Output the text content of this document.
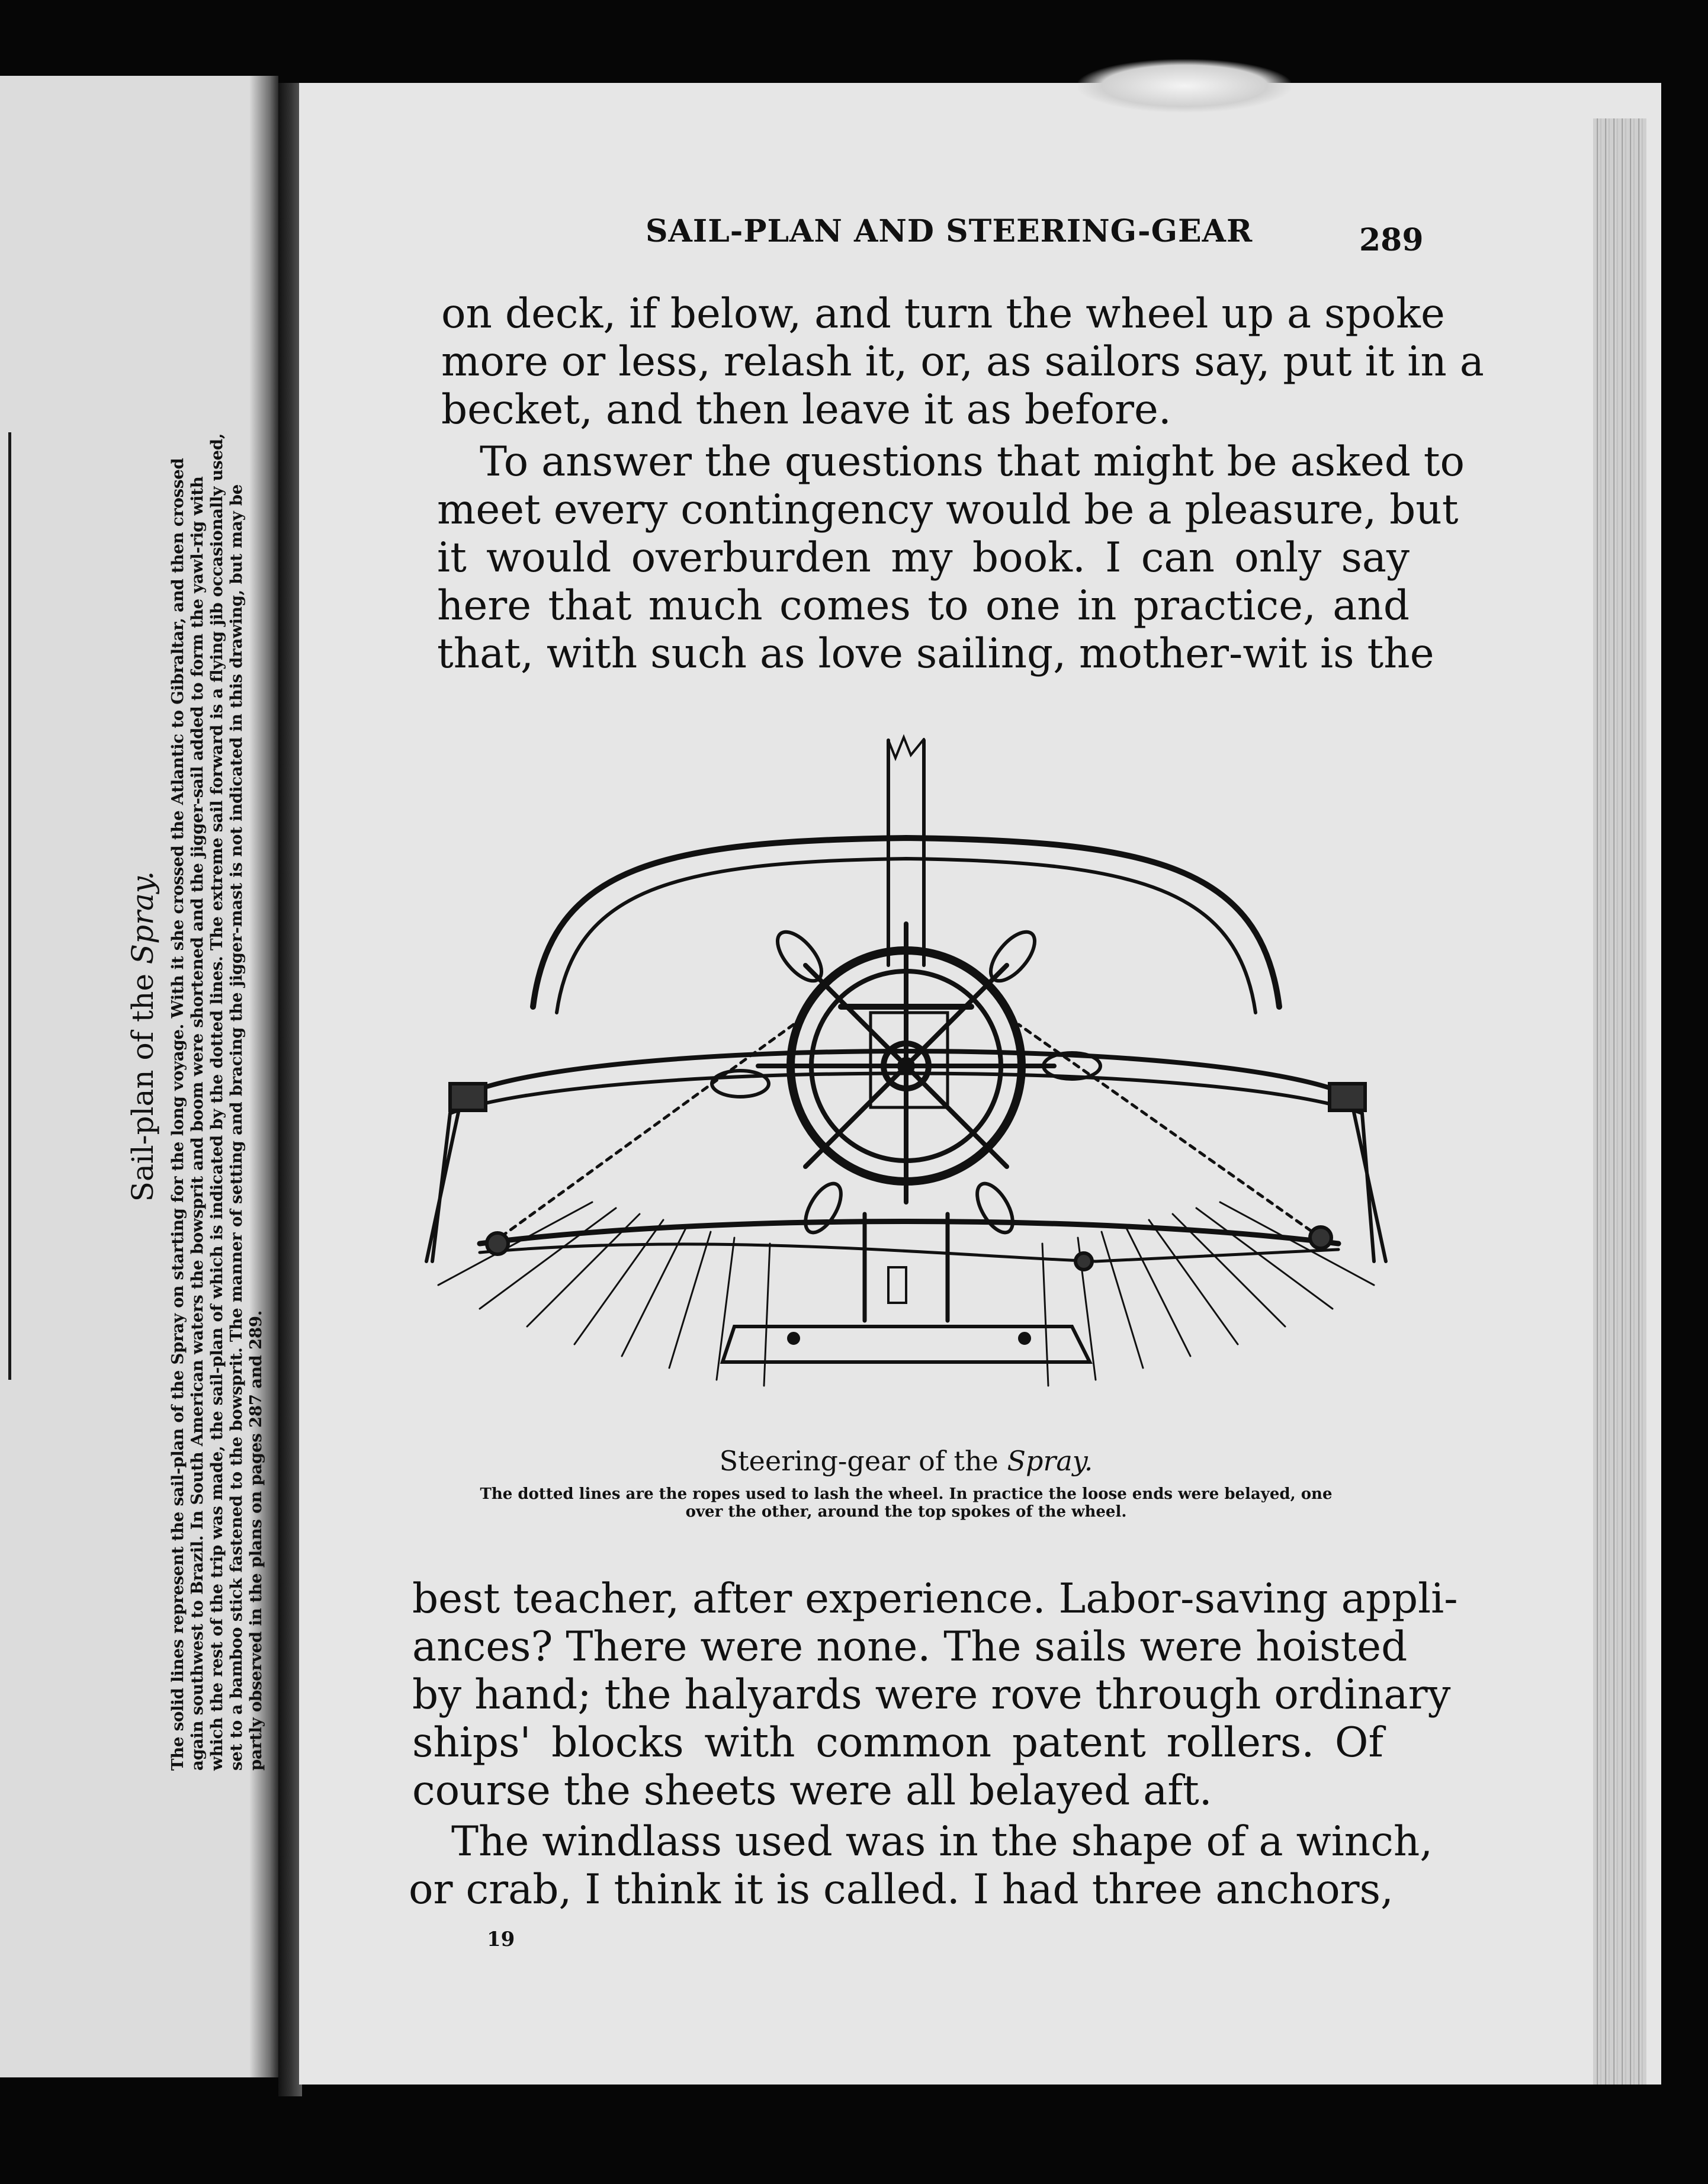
Sail-plan of the Spray. The solid lines represent the sail-plan of the Spray on starting for the long voyage. With it she crossed the Atlantic to Gibraltar, and then crossed again southwest to Brazil. In South American waters the bowsprit and boom were shortened and the jigger-sail added to form the yawl-rig with which the rest of the trip was made, the sail-plan of which is indicated by the dotted lines. The extreme sail forward is a flying jib occasionally used, set to a bamboo stick fastened to the bowsprit. The manner of setting and bracing the jigger-mast is not indicated in this drawing, but may be partly observed in the plans on pages 287 and 289.
SAIL-PLAN AND STEERING-GEAR	289
on deck, if below, and turn the wheel up a spoke
more or less, relash it, or, as sailors say, put it in a
becket, and then leave it as before.
To answer the questions that might be asked to
meet every contingency would be a pleasure, but
it would overburden my book. I can only say
here that much comes to one in practice, and
that, with such as love sailing, mother-wit is the
Steering-gear of the Spray.
The dotted lines are the ropes used to lash the wheel. In practice the loose ends were belayed, one
over the other, around the top spokes of the wheel.
best teacher, after experience. Labor-saving appli-
ances? There were none. The sails were hoisted
by hand; the halyards were rove through ordinary
ships' blocks with common patent rollers. Of
course the sheets were all belayed aft.
The windlass used was in the shape of a winch,
or crab, I think it is called. I had three anchors,
19
